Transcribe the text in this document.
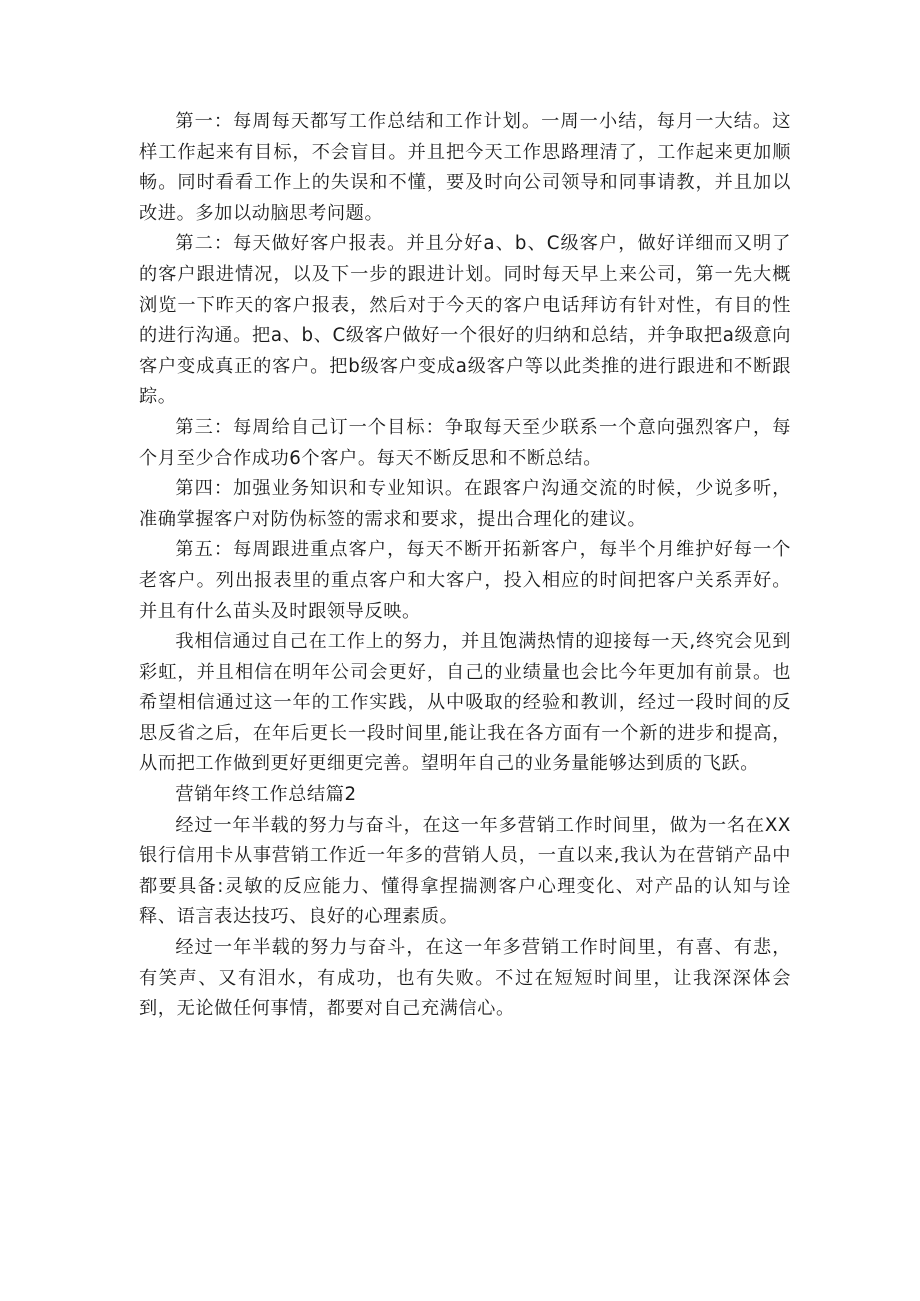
第一：每周每天都写工作总结和工作计划。一周一小结，每月一大结。这样工作起来有目标，不会盲目。并且把今天工作思路理清了，工作起来更加顺畅。同时看看工作上的失误和不懂，要及时向公司领导和同事请教，并且加以改进。多加以动脑思考问题。

第二：每天做好客户报表。并且分好a、b、C级客户，做好详细而又明了的客户跟进情况，以及下一步的跟进计划。同时每天早上来公司，第一先大概浏览一下昨天的客户报表，然后对于今天的客户电话拜访有针对性，有目的性的进行沟通。把a、b、C级客户做好一个很好的归纳和总结，并争取把a级意向客户变成真正的客户。把b级客户变成a级客户等以此类推的进行跟进和不断跟踪。

第三：每周给自己订一个目标：争取每天至少联系一个意向强烈客户，每个月至少合作成功6个客户。每天不断反思和不断总结。

第四：加强业务知识和专业知识。在跟客户沟通交流的时候，少说多听，准确掌握客户对防伪标签的需求和要求，提出合理化的建议。

第五：每周跟进重点客户，每天不断开拓新客户，每半个月维护好每一个老客户。列出报表里的重点客户和大客户，投入相应的时间把客户关系弄好。并且有什么苗头及时跟领导反映。

我相信通过自己在工作上的努力，并且饱满热情的迎接每一天,终究会见到彩虹，并且相信在明年公司会更好，自己的业绩量也会比今年更加有前景。也希望相信通过这一年的工作实践，从中吸取的经验和教训，经过一段时间的反思反省之后，在年后更长一段时间里,能让我在各方面有一个新的进步和提高，从而把工作做到更好更细更完善。望明年自己的业务量能够达到质的飞跃。

营销年终工作总结篇2

经过一年半载的努力与奋斗，在这一年多营销工作时间里，做为一名在XX银行信用卡从事营销工作近一年多的营销人员，一直以来,我认为在营销产品中都要具备:灵敏的反应能力、懂得拿捏揣测客户心理变化、对产品的认知与诠释、语言表达技巧、良好的心理素质。

经过一年半载的努力与奋斗，在这一年多营销工作时间里，有喜、有悲，有笑声、又有泪水，有成功，也有失败。不过在短短时间里，让我深深体会到，无论做任何事情，都要对自己充满信心。
